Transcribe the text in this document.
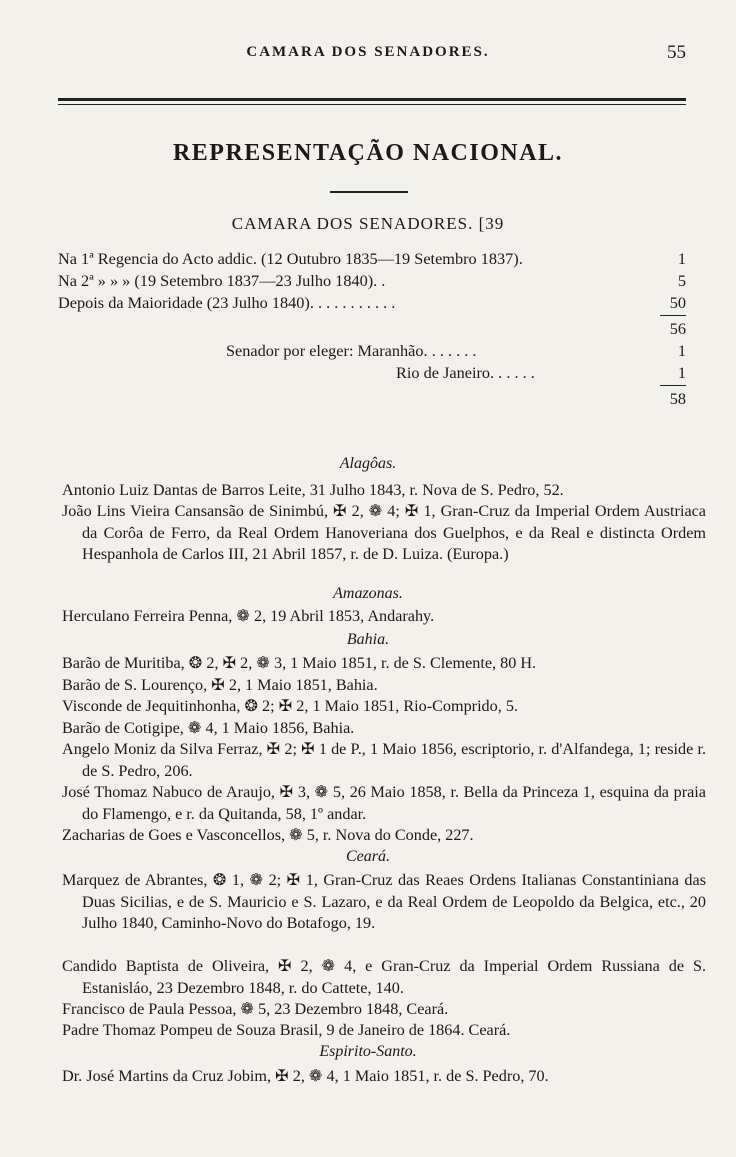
CAMARA DOS SENADORES.	55
REPRESENTAÇÃO NACIONAL.
CAMARA DOS SENADORES. [39
Na 1ª Regencia do Acto addic. (12 Outubro 1835—19 Setembro 1837).	1
Na 2ª » » » (19 Setembro 1837—23 Julho 1840). .	5
Depois da Maioridade (23 Julho 1840). . . . . . . . . . .	50
56
Senador por eleger: Maranhão. . . . . . .	1
Rio de Janeiro. . . . . .	1
58
Alagôas.
Antonio Luiz Dantas de Barros Leite, 31 Julho 1843, r. Nova de S. Pedro, 52.
João Lins Vieira Cansansão de Sinimbú, ✠ 2, ❁ 4; ✠ 1, Gran-Cruz da Imperial Ordem Austriaca da Corôa de Ferro, da Real Ordem Hanoveriana dos Guelphos, e da Real e distincta Ordem Hespanhola de Carlos III, 21 Abril 1857, r. de D. Luiza. (Europa.)
Amazonas.
Herculano Ferreira Penna, ❁ 2, 19 Abril 1853, Andarahy.
Bahia.
Barão de Muritiba, ❂ 2, ✠ 2, ❁ 3, 1 Maio 1851, r. de S. Clemente, 80 H.
Barão de S. Lourenço, ✠ 2, 1 Maio 1851, Bahia.
Visconde de Jequitinhonha, ❂ 2; ✠ 2, 1 Maio 1851, Rio-Comprido, 5.
Barão de Cotigipe, ❁ 4, 1 Maio 1856, Bahia.
Angelo Moniz da Silva Ferraz, ✠ 2; ✠ 1 de P., 1 Maio 1856, escriptorio, r. d'Alfandega, 1; reside r. de S. Pedro, 206.
José Thomaz Nabuco de Araujo, ✠ 3, ❁ 5, 26 Maio 1858, r. Bella da Princeza 1, esquina da praia do Flamengo, e r. da Quitanda, 58, 1º andar.
Zacharias de Goes e Vasconcellos, ❁ 5, r. Nova do Conde, 227.
Ceará.
Marquez de Abrantes, ❂ 1, ❁ 2; ✠ 1, Gran-Cruz das Reaes Ordens Italianas Constantiniana das Duas Sicilias, e de S. Mauricio e S. Lazaro, e da Real Ordem de Leopoldo da Belgica, etc., 20 Julho 1840, Caminho-Novo do Botafogo, 19.
Candido Baptista de Oliveira, ✠ 2, ❁ 4, e Gran-Cruz da Imperial Ordem Russiana de S. Estanisláo, 23 Dezembro 1848, r. do Cattete, 140.
Francisco de Paula Pessoa, ❁ 5, 23 Dezembro 1848, Ceará.
Padre Thomaz Pompeu de Souza Brasil, 9 de Janeiro de 1864. Ceará.
Espirito-Santo.
Dr. José Martins da Cruz Jobim, ✠ 2, ❁ 4, 1 Maio 1851, r. de S. Pedro, 70.
